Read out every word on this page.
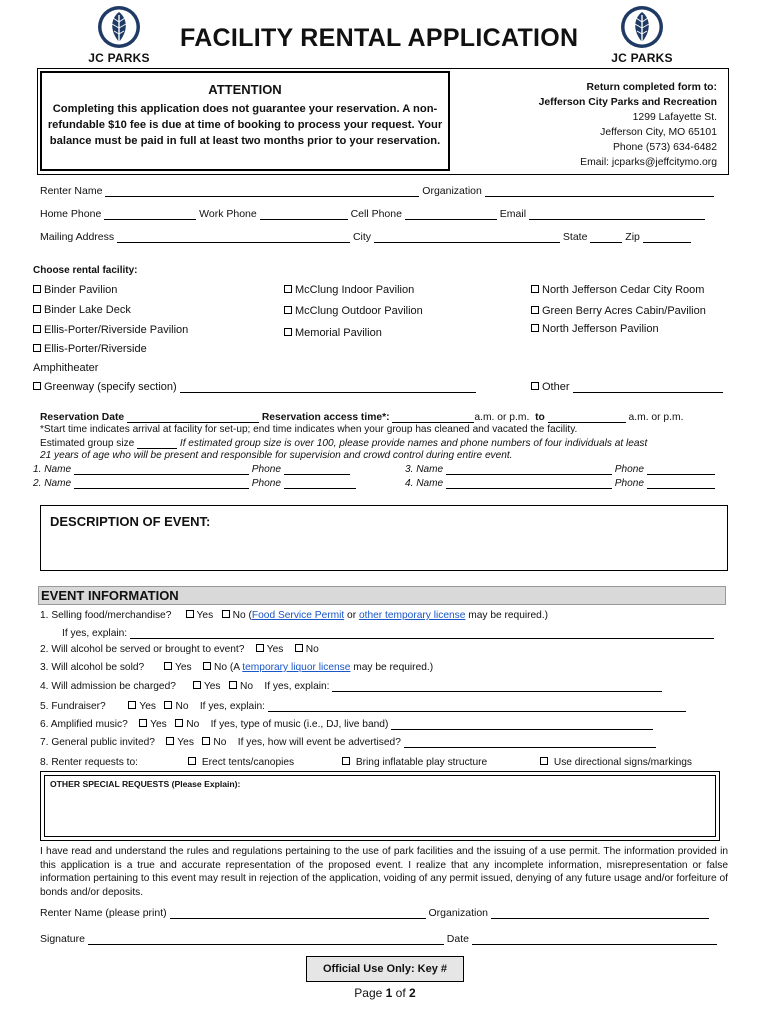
JC PARKS	JC PARKS
FACILITY RENTAL APPLICATION
ATTENTION
Completing this application does not guarantee your reservation. A non-refundable $10 fee is due at time of booking to process your request. Your balance must be paid in full at least two months prior to your reservation.
Return completed form to:
Jefferson City Parks and Recreation
1299 Lafayette St.
Jefferson City, MO 65101
Phone (573) 634-6482
Email: jcparks@jeffcitymo.org
Renter Name	Organization
Home Phone	Work Phone	Cell Phone	Email
Mailing Address	City	State	Zip
Choose rental facility:
Binder Pavilion
Binder Lake Deck
Ellis-Porter/Riverside Pavilion
Ellis-Porter/Riverside
Amphitheater
Greenway (specify section)
McClung Indoor Pavilion
McClung Outdoor Pavilion
Memorial Pavilion
North Jefferson Cedar City Room
Green Berry Acres Cabin/Pavilion
North Jefferson Pavilion
Other
Reservation Date	Reservation access time*:	a.m. or p.m. to	a.m. or p.m.
*Start time indicates arrival at facility for set-up; end time indicates when your group has cleaned and vacated the facility.
Estimated group size	If estimated group size is over 100, please provide names and phone numbers of four individuals at least
21 years of age who will be present and responsible for supervision and crowd control during entire event.
1. Name	Phone
2. Name	Phone
3. Name	Phone
4. Name	Phone
DESCRIPTION OF EVENT:
EVENT INFORMATION
1. Selling food/merchandise? Yes No (Food Service Permit or other temporary license may be required.)
If yes, explain:
2. Will alcohol be served or brought to event? Yes No
3. Will alcohol be sold?	Yes No (A temporary liquor license may be required.)
4. Will admission be charged?	Yes No If yes, explain:
5. Fundraiser?	Yes No If yes, explain:
6. Amplified music? Yes No If yes, type of music (i.e., DJ, live band)
7. General public invited? Yes No If yes, how will event be advertised?
8. Renter requests to:	Erect tents/canopies	Bring inflatable play structure	Use directional signs/markings
OTHER SPECIAL REQUESTS (Please Explain):
I have read and understand the rules and regulations pertaining to the use of park facilities and the issuing of a use permit. The information provided in this application is a true and accurate representation of the proposed event. I realize that any incomplete information, misrepresentation or false information pertaining to this event may result in rejection of the application, voiding of any permit issued, denying of any future usage and/or forfeiture of bonds and/or deposits.
Renter Name (please print)	Organization
Signature	Date
Official Use Only: Key #
Page 1 of 2
